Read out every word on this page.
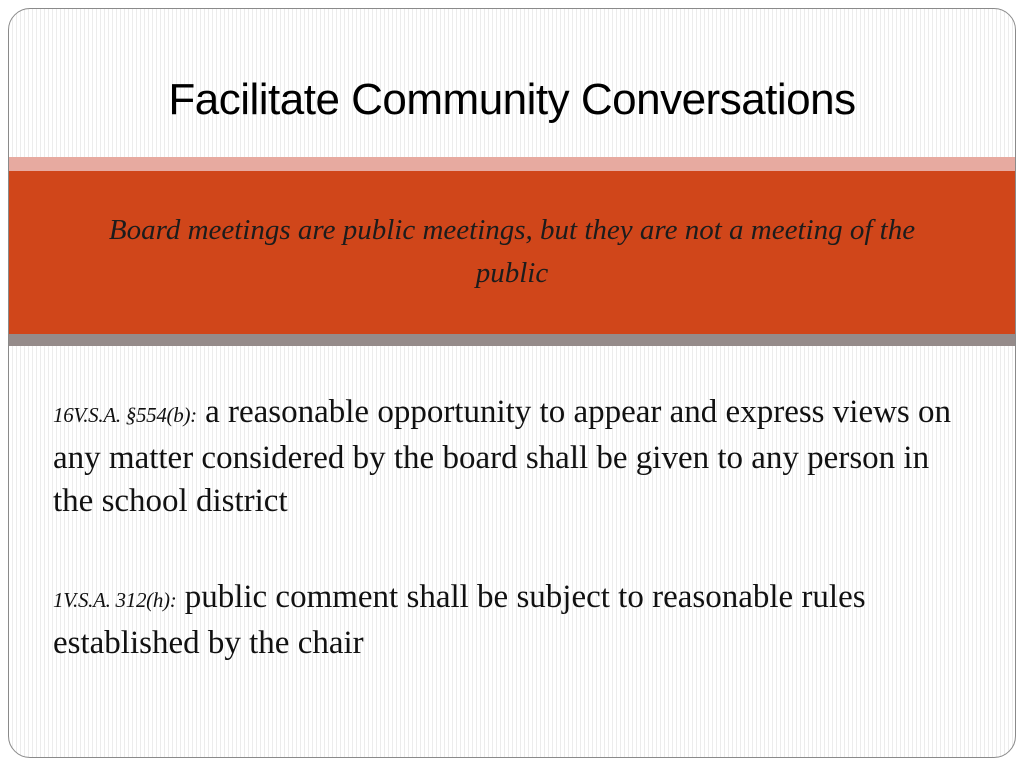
Facilitate Community Conversations
Board meetings are public meetings, but they are not a meeting of the public

16V.S.A. §554(b): a reasonable opportunity to appear and express views on any matter considered by the board shall be given to any person in the school district

1V.S.A. 312(h): public comment shall be subject to reasonable rules established by the chair
